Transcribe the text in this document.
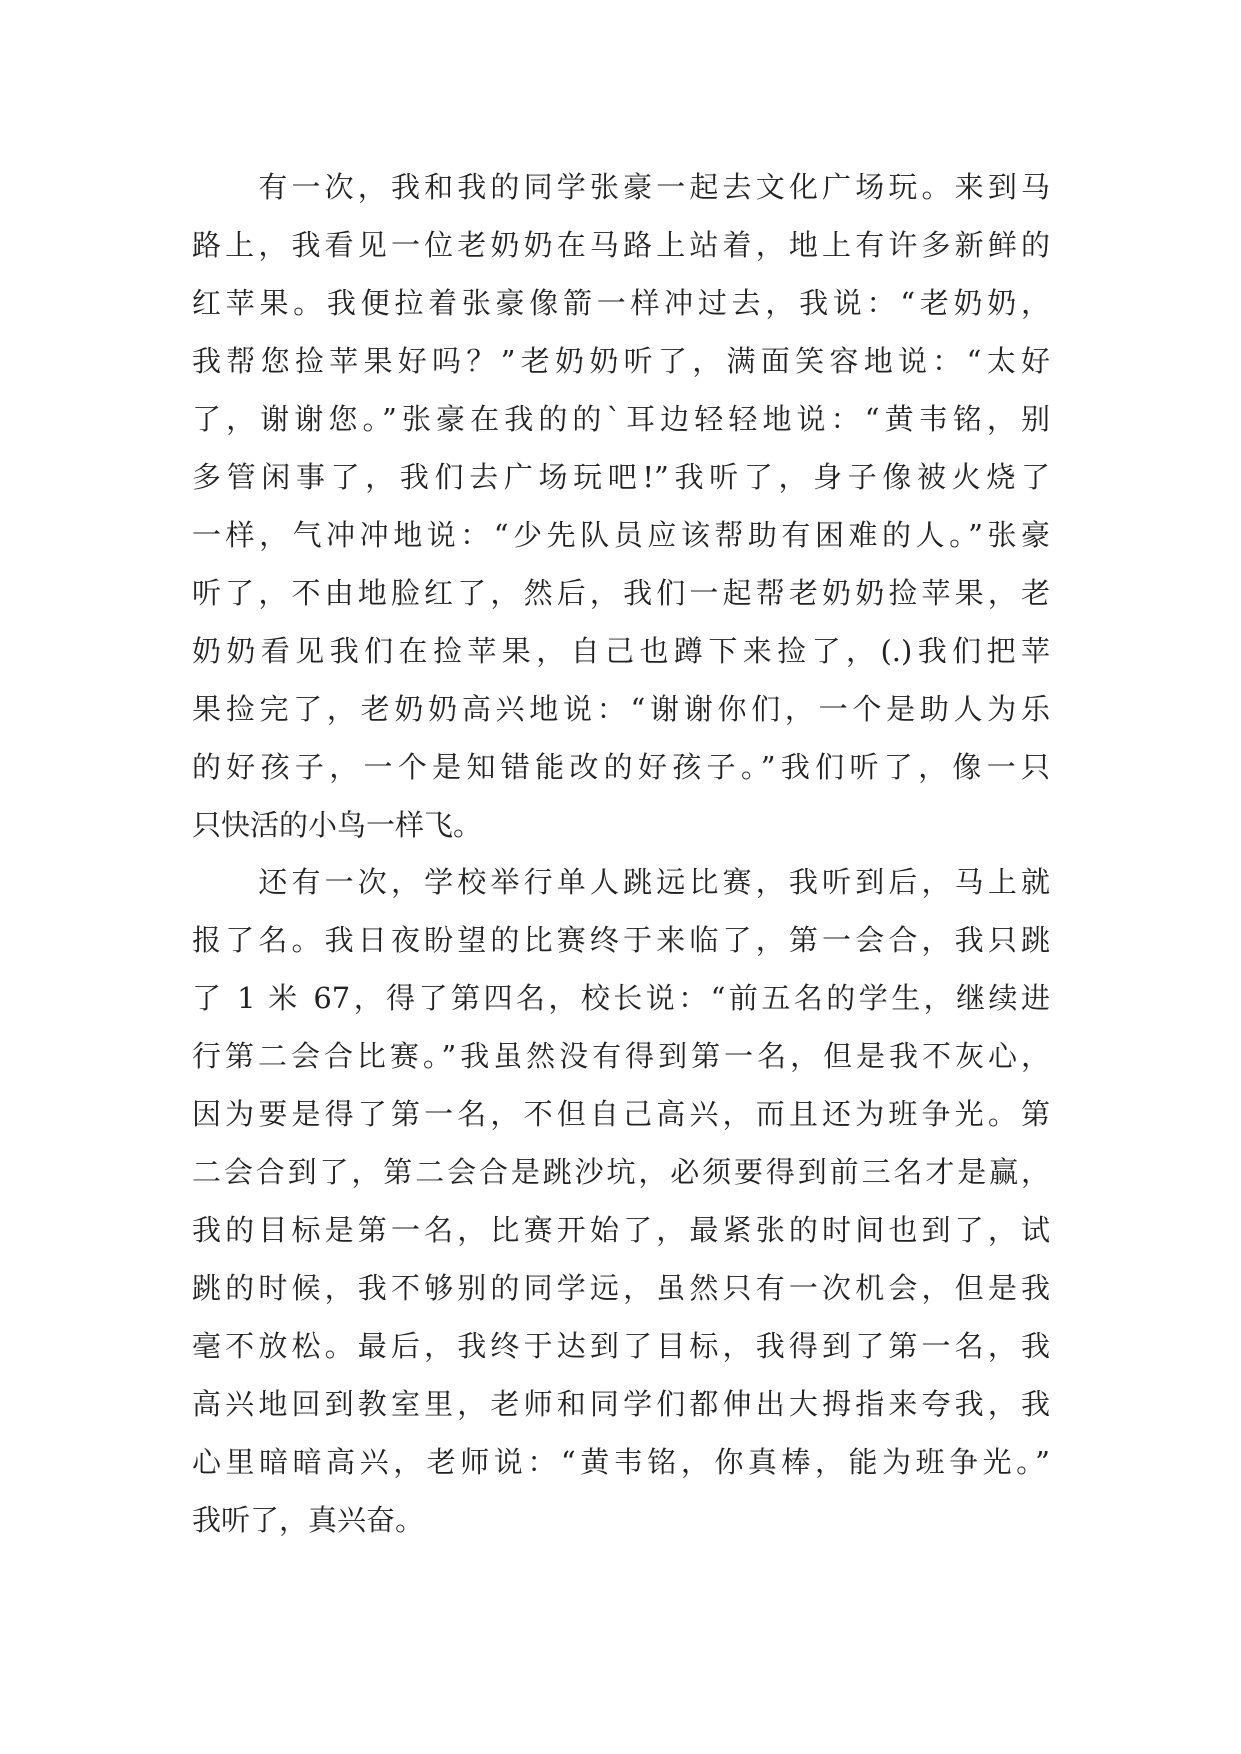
　　有一次，我和我的同学张豪一起去文化广场玩。来到马
路上，我看见一位老奶奶在马路上站着，地上有许多新鲜的
红苹果。我便拉着张豪像箭一样冲过去，我说：“老奶奶，
我帮您捡苹果好吗？”老奶奶听了，满面笑容地说：“太好
了，谢谢您。”张豪在我的的`耳边轻轻地说：“黄韦铭，别
多管闲事了，我们去广场玩吧!”我听了，身子像被火烧了
一样，气冲冲地说：“少先队员应该帮助有困难的人。”张豪
听了，不由地脸红了，然后，我们一起帮老奶奶捡苹果，老
奶奶看见我们在捡苹果，自己也蹲下来捡了，(.)我们把苹
果捡完了，老奶奶高兴地说：“谢谢你们，一个是助人为乐
的好孩子，一个是知错能改的好孩子。”我们听了，像一只
只快活的小鸟一样飞。
　　还有一次，学校举行单人跳远比赛，我听到后，马上就
报了名。我日夜盼望的比赛终于来临了，第一会合，我只跳
了 1 米 67，得了第四名，校长说：“前五名的学生，继续进
行第二会合比赛。”我虽然没有得到第一名，但是我不灰心，
因为要是得了第一名，不但自己高兴，而且还为班争光。第
二会合到了，第二会合是跳沙坑，必须要得到前三名才是赢，
我的目标是第一名，比赛开始了，最紧张的时间也到了，试
跳的时候，我不够别的同学远，虽然只有一次机会，但是我
毫不放松。最后，我终于达到了目标，我得到了第一名，我
高兴地回到教室里，老师和同学们都伸出大拇指来夸我，我
心里暗暗高兴，老师说：“黄韦铭，你真棒，能为班争光。”
我听了，真兴奋。
